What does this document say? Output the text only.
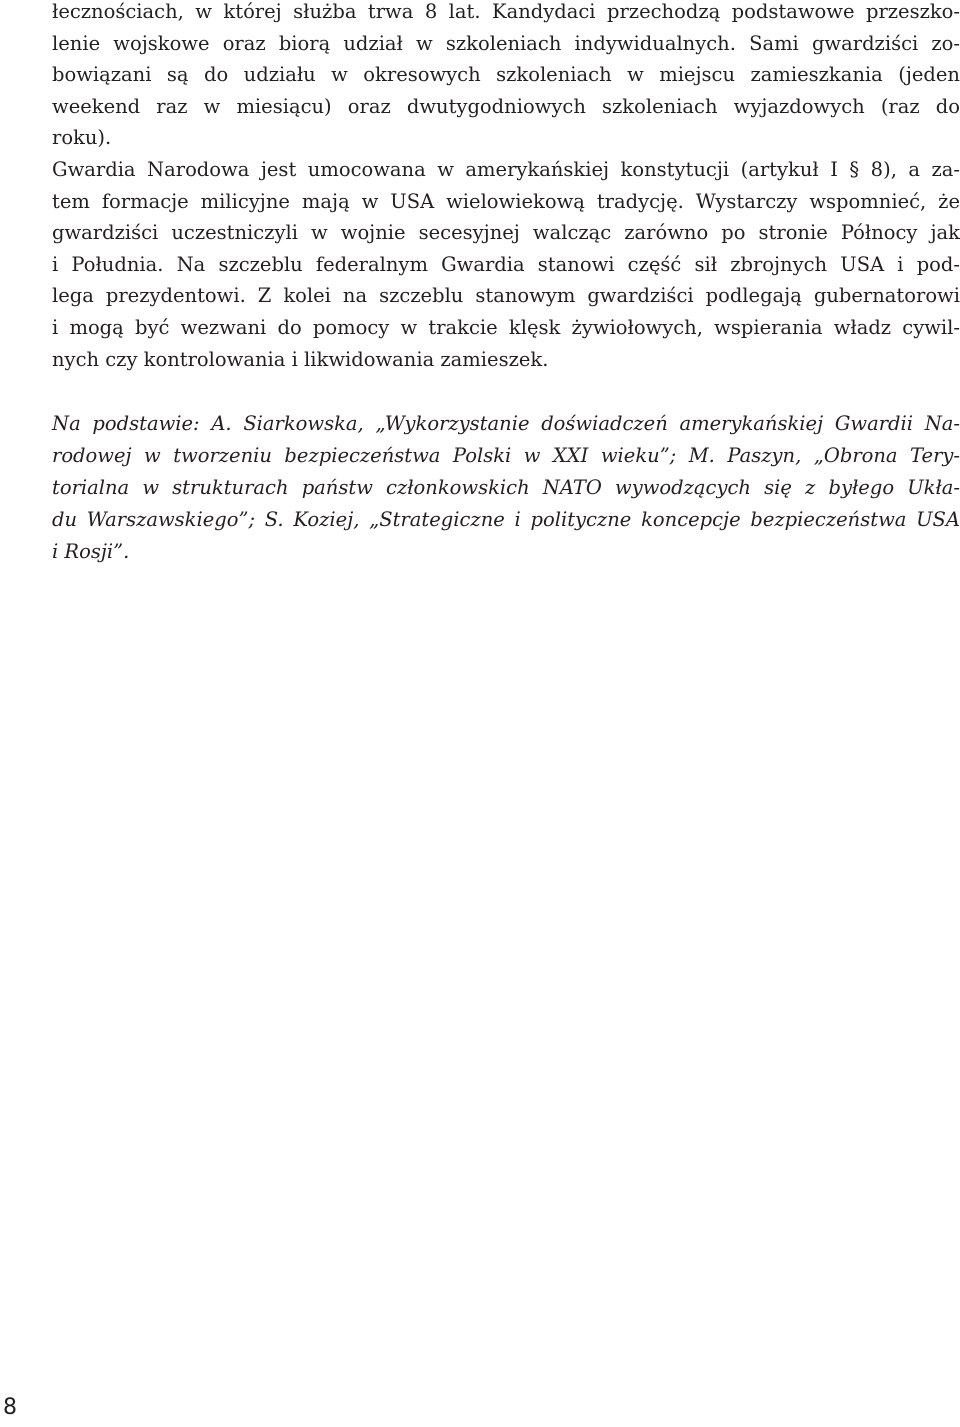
łecznościach, w której służba trwa 8 lat. Kandydaci przechodzą podstawowe przeszko-
lenie wojskowe oraz biorą udział w szkoleniach indywidualnych. Sami gwardziści zo-
bowiązani są do udziału w okresowych szkoleniach w miejscu zamieszkania (jeden
weekend raz w miesiącu) oraz dwutygodniowych szkoleniach wyjazdowych (raz do
roku).

Gwardia Narodowa jest umocowana w amerykańskiej konstytucji (artykuł I § 8), a za-
tem formacje milicyjne mają w USA wielowiekową tradycję. Wystarczy wspomnieć, że
gwardziści uczestniczyli w wojnie secesyjnej walcząc zarówno po stronie Północy jak
i Południa. Na szczeblu federalnym Gwardia stanowi część sił zbrojnych USA i pod-
lega prezydentowi. Z kolei na szczeblu stanowym gwardziści podlegają gubernatorowi
i mogą być wezwani do pomocy w trakcie klęsk żywiołowych, wspierania władz cywil-
nych czy kontrolowania i likwidowania zamieszek.

Na podstawie: A. Siarkowska, „Wykorzystanie doświadczeń amerykańskiej Gwardii Na-
rodowej w tworzeniu bezpieczeństwa Polski w XXI wieku”; M. Paszyn, „Obrona Tery-
torialna w strukturach państw członkowskich NATO wywodzących się z byłego Ukła-
du Warszawskiego”; S. Koziej, „Strategiczne i polityczne koncepcje bezpieczeństwa USA
i Rosji”.

8
